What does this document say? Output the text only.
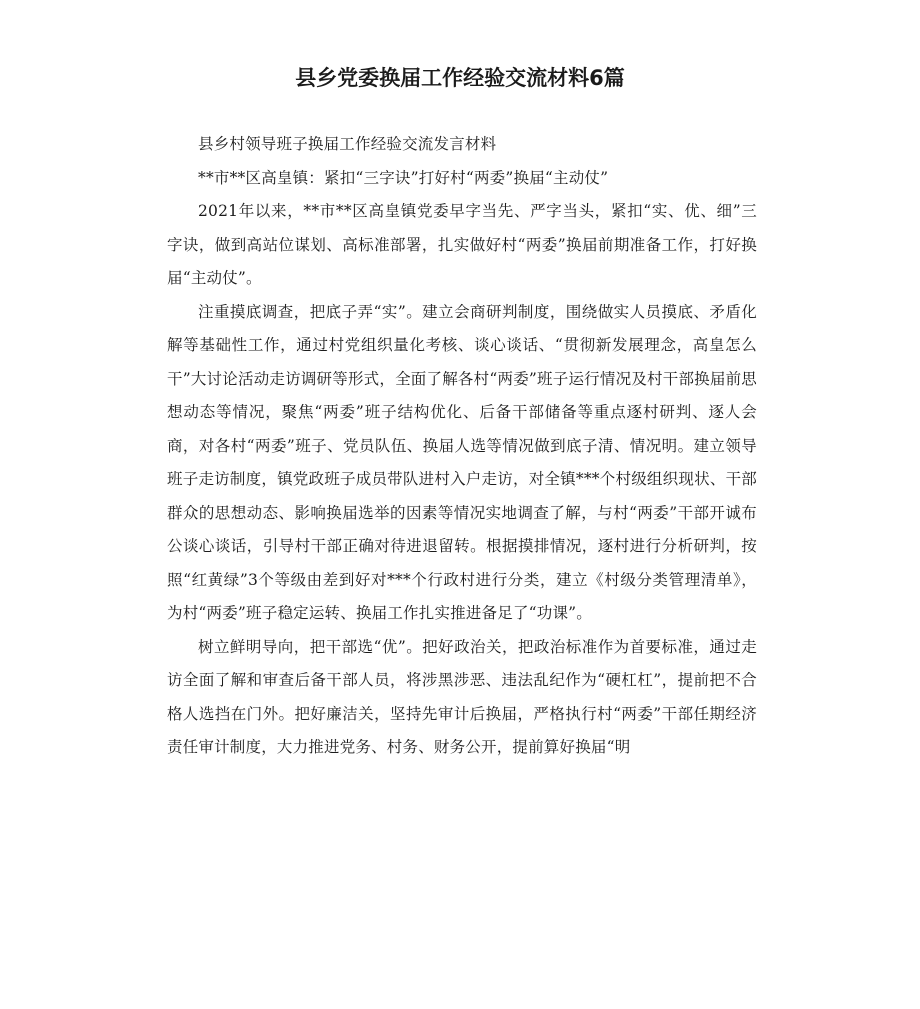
县乡党委换届工作经验交流材料6篇

县乡村领导班子换届工作经验交流发言材料

**市**区高皇镇：紧扣“三字诀”打好村“两委”换届“主动仗”

2021年以来，**市**区高皇镇党委早字当先、严字当头，紧扣“实、优、细”三字诀，做到高站位谋划、高标准部署，扎实做好村“两委”换届前期准备工作，打好换届“主动仗”。

注重摸底调查，把底子弄“实”。建立会商研判制度，围绕做实人员摸底、矛盾化解等基础性工作，通过村党组织量化考核、谈心谈话、“贯彻新发展理念，高皇怎么干”大讨论活动走访调研等形式，全面了解各村“两委”班子运行情况及村干部换届前思想动态等情况，聚焦“两委”班子结构优化、后备干部储备等重点逐村研判、逐人会商，对各村“两委”班子、党员队伍、换届人选等情况做到底子清、情况明。建立领导班子走访制度，镇党政班子成员带队进村入户走访，对全镇***个村级组织现状、干部群众的思想动态、影响换届选举的因素等情况实地调查了解，与村“两委”干部开诚布公谈心谈话，引导村干部正确对待进退留转。根据摸排情况，逐村进行分析研判，按照“红黄绿”3个等级由差到好对***个行政村进行分类，建立《村级分类管理清单》，为村“两委”班子稳定运转、换届工作扎实推进备足了“功课”。

树立鲜明导向，把干部选“优”。把好政治关，把政治标准作为首要标准，通过走访全面了解和审查后备干部人员，将涉黑涉恶、违法乱纪作为“硬杠杠”，提前把不合格人选挡在门外。把好廉洁关，坚持先审计后换届，严格执行村“两委”干部任期经济责任审计制度，大力推进党务、村务、财务公开，提前算好换届“明
